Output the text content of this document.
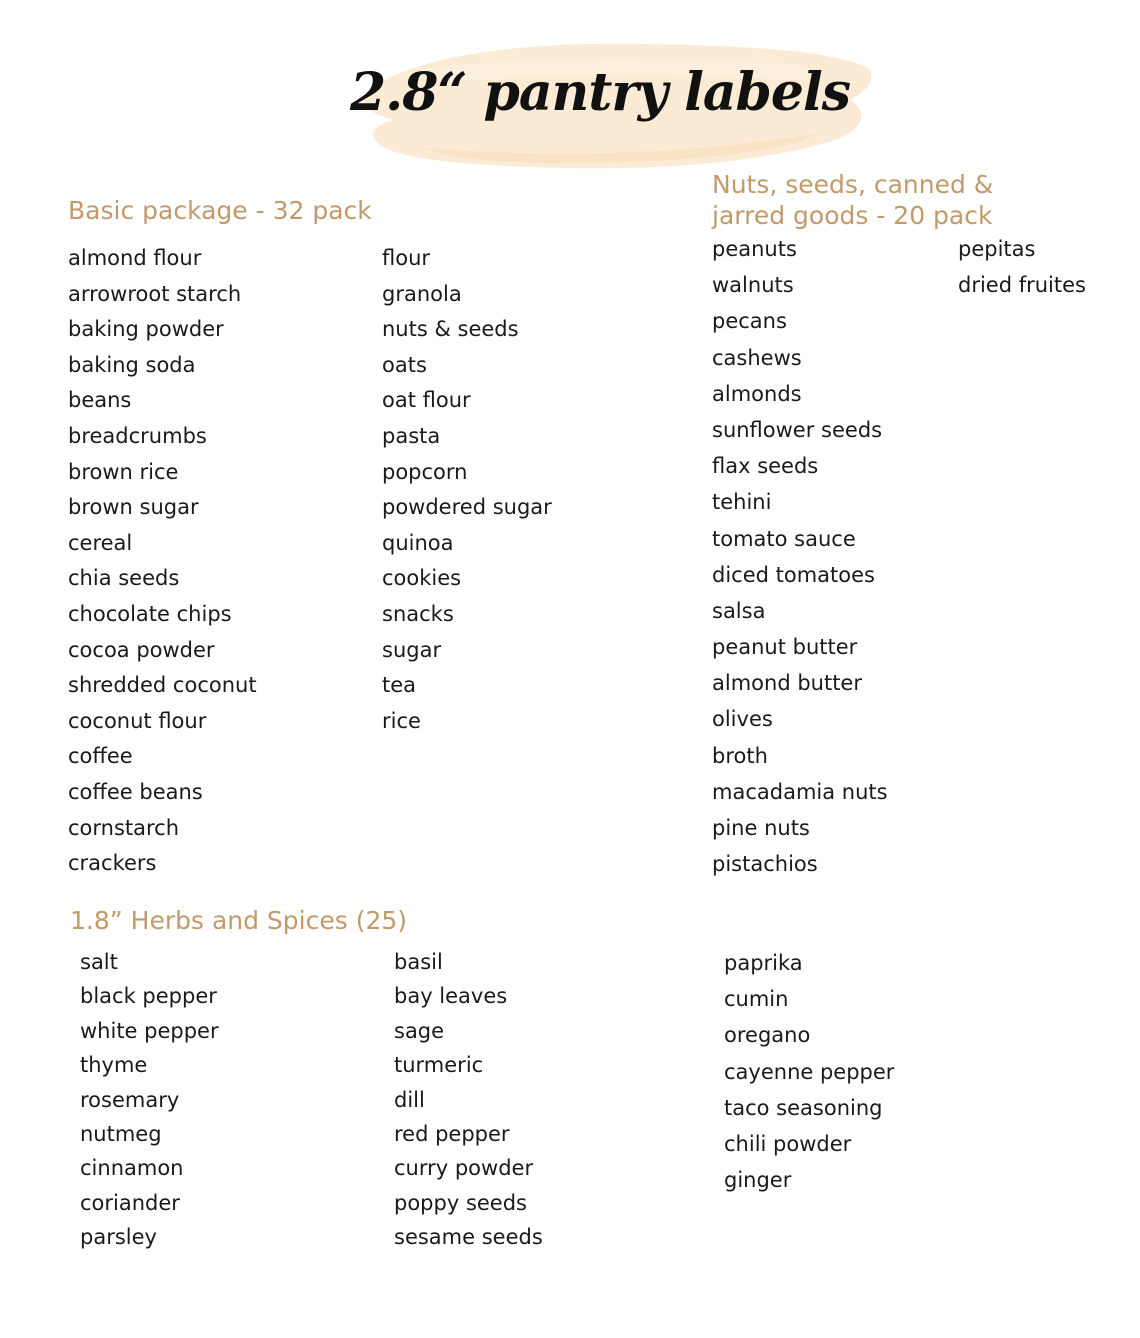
2.8“ pantry labels
Basic package - 32 pack
almond flour
arrowroot starch
baking powder
baking soda
beans
breadcrumbs
brown rice
brown sugar
cereal
chia seeds
chocolate chips
cocoa powder
shredded coconut
coconut flour
coffee
coffee beans
cornstarch
crackers
flour
granola
nuts & seeds
oats
oat flour
pasta
popcorn
powdered sugar
quinoa
cookies
snacks
sugar
tea
rice
Nuts, seeds, canned &
jarred goods - 20 pack
peanuts
walnuts
pecans
cashews
almonds
sunflower seeds
flax seeds
tehini
tomato sauce
diced tomatoes
salsa
peanut butter
almond butter
olives
broth
macadamia nuts
pine nuts
pistachios
pepitas
dried fruites
1.8” Herbs and Spices (25)
salt
black pepper
white pepper
thyme
rosemary
nutmeg
cinnamon
coriander
parsley
basil
bay leaves
sage
turmeric
dill
red pepper
curry powder
poppy seeds
sesame seeds
paprika
cumin
oregano
cayenne pepper
taco seasoning
chili powder
ginger
